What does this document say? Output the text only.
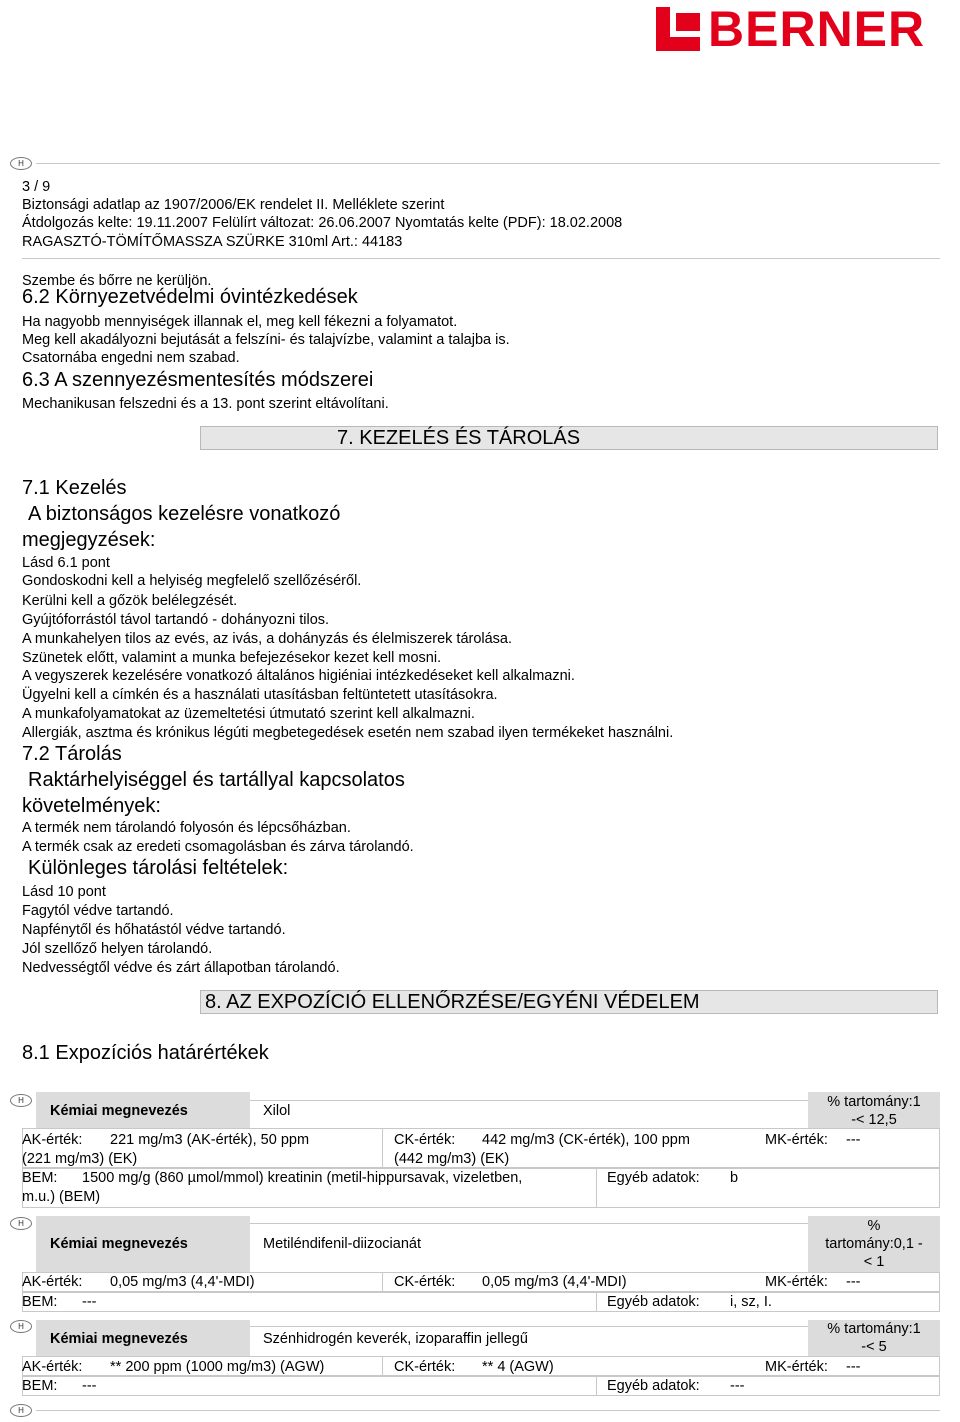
BERNER
H
3 / 9
Biztonsági adatlap az 1907/2006/EK rendelet II. Melléklete szerint
Átdolgozás kelte: 19.11.2007 Felülírt változat: 26.06.2007 Nyomtatás kelte (PDF): 18.02.2008
RAGASZTÓ-TÖMÍTŐMASSZA SZÜRKE 310ml Art.: 44183
Szembe és bőrre ne kerüljön.
6.2 Környezetvédelmi óvintézkedések
Ha nagyobb mennyiségek illannak el, meg kell fékezni a folyamatot.
Meg kell akadályozni bejutását a felszíni- és talajvízbe, valamint a talajba is.
Csatornába engedni nem szabad.
6.3 A szennyezésmentesítés módszerei
Mechanikusan felszedni és a 13. pont szerint eltávolítani.
7. KEZELÉS ÉS TÁROLÁS
7.1 Kezelés
A biztonságos kezelésre vonatkozó
megjegyzések:
Lásd 6.1 pont
Gondoskodni kell a helyiség megfelelő szellőzéséről.
Kerülni kell a gőzök belélegzését.
Gyújtóforrástól távol tartandó - dohányozni tilos.
A munkahelyen tilos az evés, az ivás, a dohányzás és élelmiszerek tárolása.
Szünetek előtt, valamint a munka befejezésekor kezet kell mosni.
A vegyszerek kezelésére vonatkozó általános higiéniai intézkedéseket kell alkalmazni.
Ügyelni kell a címkén és a használati utasításban feltüntetett utasításokra.
A munkafolyamatokat az üzemeltetési útmutató szerint kell alkalmazni.
Allergiák, asztma és krónikus légúti megbetegedések esetén nem szabad ilyen termékeket használni.
7.2 Tárolás
Raktárhelyiséggel és tartállyal kapcsolatos
követelmények:
A termék nem tárolandó folyosón és lépcsőházban.
A termék csak az eredeti csomagolásban és zárva tárolandó.
Különleges tárolási feltételek:
Lásd 10 pont
Fagytól védve tartandó.
Napfénytől és hőhatástól védve tartandó.
Jól szellőző helyen tárolandó.
Nedvességtől védve és zárt állapotban tárolandó.
8. AZ EXPOZÍCIÓ ELLENŐRZÉSE/EGYÉNI VÉDELEM
8.1 Expozíciós határértékek
H
Kémiai megnevezés	Xilol
% tartomány:1
-< 12,5
AK-érték: 221 mg/m3 (AK-érték), 50 ppm
(221 mg/m3) (EK)
CK-érték: 442 mg/m3 (CK-érték), 100 ppm
(442 mg/m3) (EK)
MK-érték: ---
BEM: 1500 mg/g (860 µmol/mmol) kreatinin (metil-hippursavak, vizeletben,
m.u.) (BEM)
Egyéb adatok: b
H
Kémiai megnevezés	Metiléndifenil-diizocianát
%
tartomány:0,1 -
< 1
AK-érték: 0,05 mg/m3 (4,4'-MDI)	CK-érték: 0,05 mg/m3 (4,4'-MDI)	MK-érték: ---
BEM: ---	Egyéb adatok: i, sz, I.
H
Kémiai megnevezés	Szénhidrogén keverék, izoparaffin jellegű
% tartomány:1
-< 5
AK-érték: ** 200 ppm (1000 mg/m3) (AGW)	CK-érték: ** 4 (AGW)	MK-érték: ---
BEM: ---	Egyéb adatok: ---
H
